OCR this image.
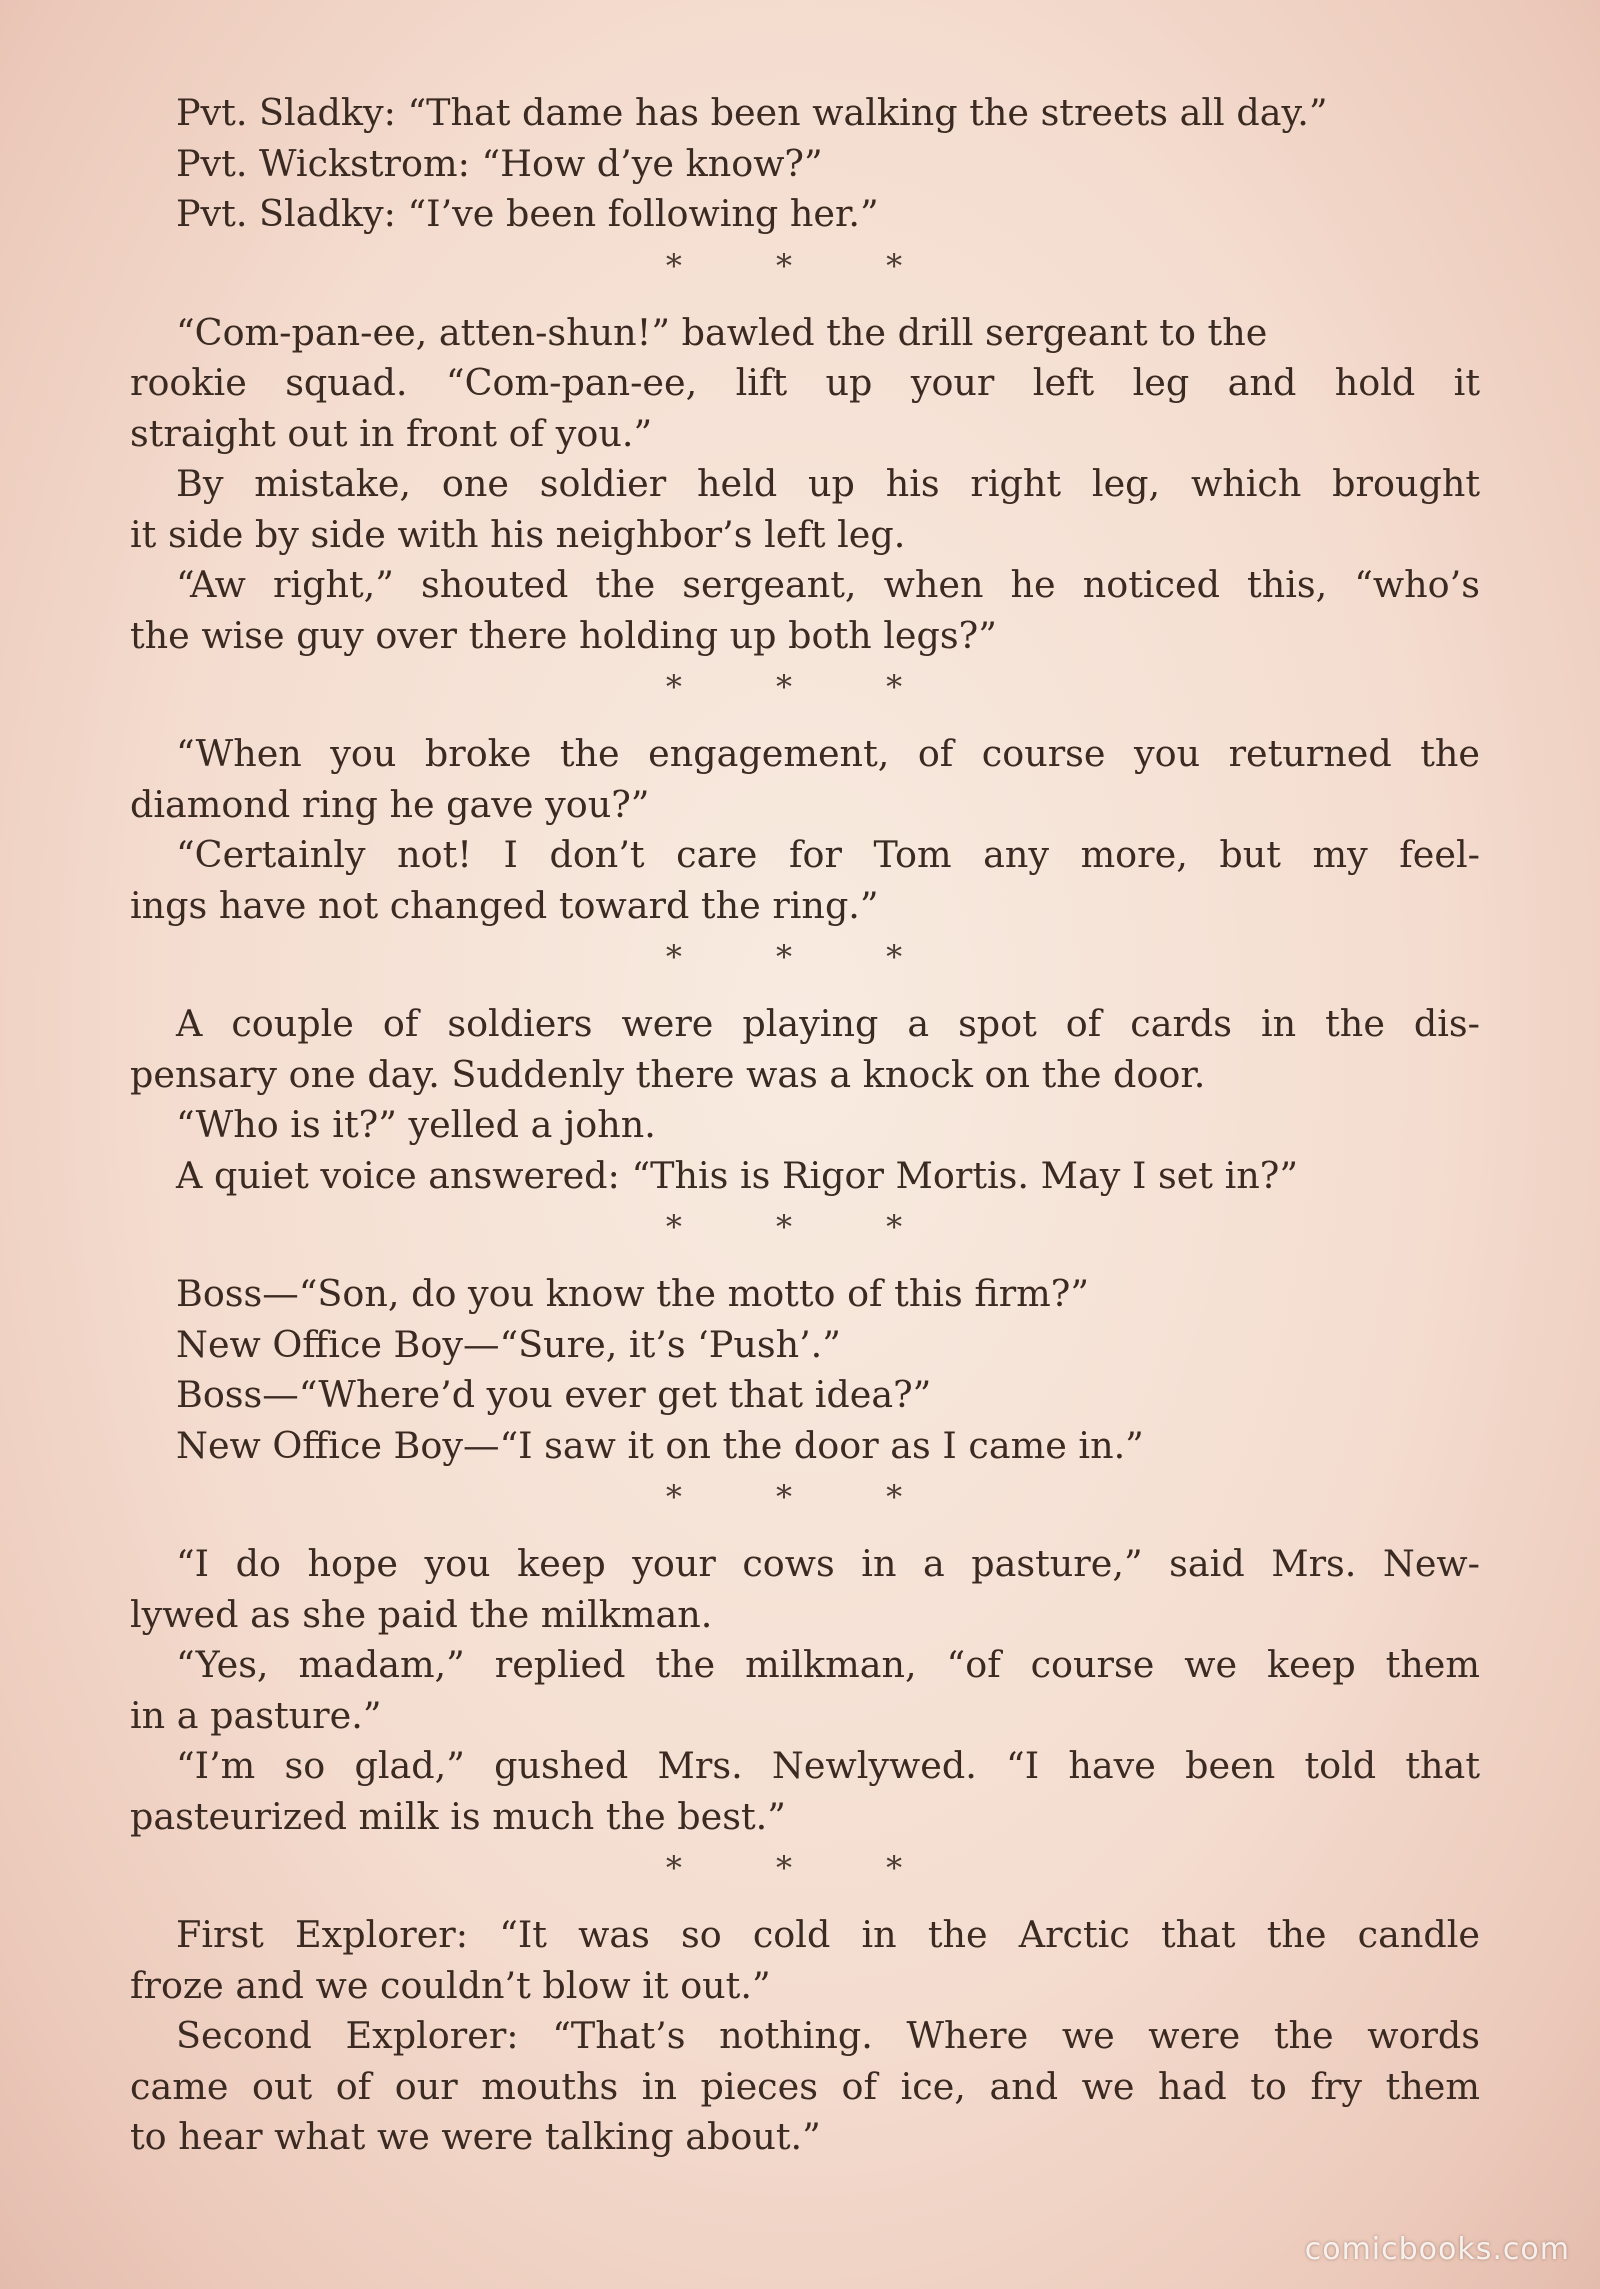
Pvt. Sladky: “That dame has been walking the streets all day.”

Pvt. Wickstrom: “How d’ye know?”

Pvt. Sladky: “I’ve been following her.”

* * *

“Com-pan-ee, atten-shun!” bawled the drill sergeant to the

rookie squad. “Com-pan-ee, lift up your left leg and hold it

straight out in front of you.”

By mistake, one soldier held up his right leg, which brought

it side by side with his neighbor’s left leg.

“Aw right,” shouted the sergeant, when he noticed this, “who’s

the wise guy over there holding up both legs?”

* * *

“When you broke the engagement, of course you returned the

diamond ring he gave you?”

“Certainly not! I don’t care for Tom any more, but my feel-

ings have not changed toward the ring.”

* * *

A couple of soldiers were playing a spot of cards in the dis-

pensary one day. Suddenly there was a knock on the door.

“Who is it?” yelled a john.

A quiet voice answered: “This is Rigor Mortis. May I set in?”

* * *

Boss—“Son, do you know the motto of this firm?”

New Office Boy—“Sure, it’s ‘Push’.”

Boss—“Where’d you ever get that idea?”

New Office Boy—“I saw it on the door as I came in.”

* * *

“I do hope you keep your cows in a pasture,” said Mrs. New-

lywed as she paid the milkman.

“Yes, madam,” replied the milkman, “of course we keep them

in a pasture.”

“I’m so glad,” gushed Mrs. Newlywed. “I have been told that

pasteurized milk is much the best.”

* * *

First Explorer: “It was so cold in the Arctic that the candle

froze and we couldn’t blow it out.”

Second Explorer: “That’s nothing. Where we were the words

came out of our mouths in pieces of ice, and we had to fry them

to hear what we were talking about.”

comicbooks.com
